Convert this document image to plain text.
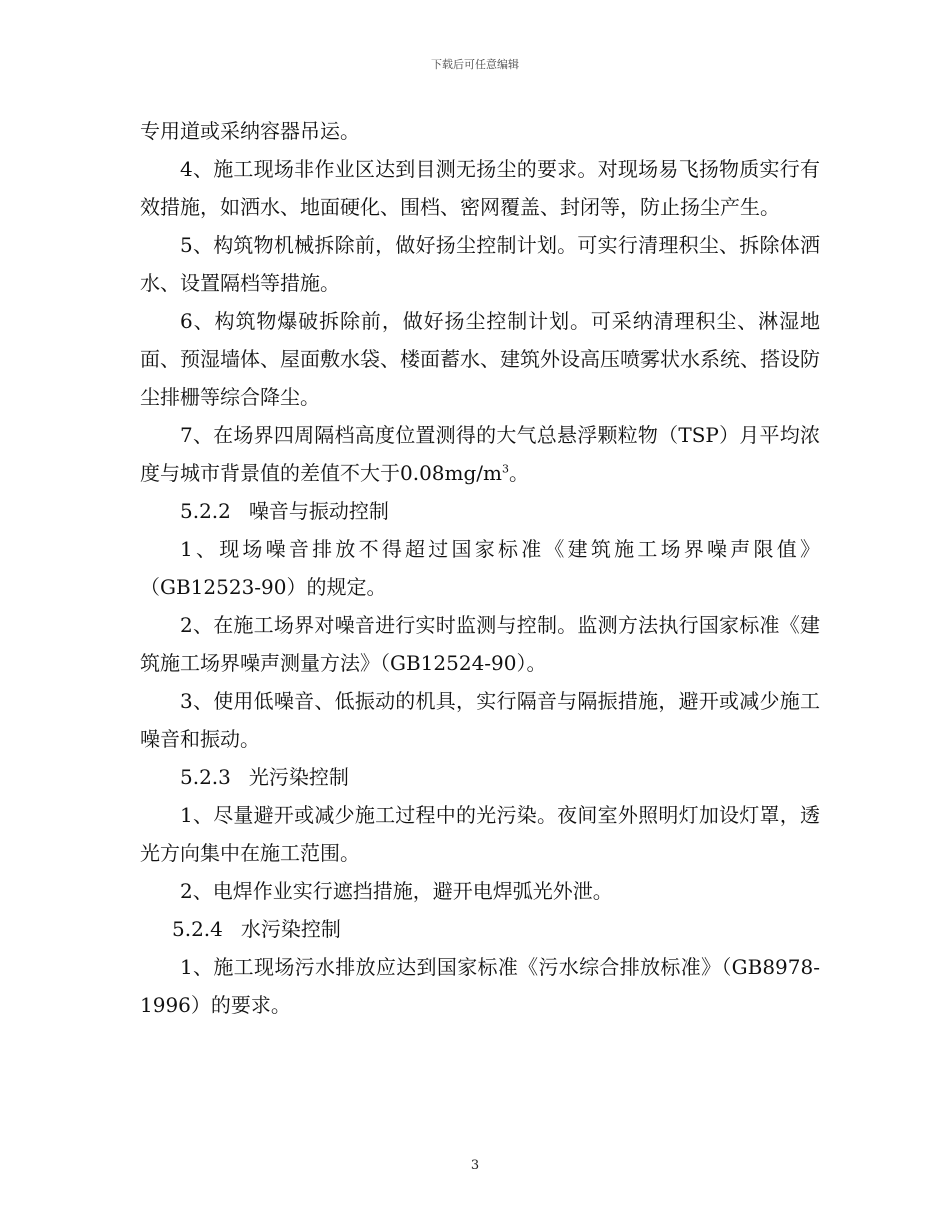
下载后可任意编辑

专用道或采纳容器吊运。

4、施工现场非作业区达到目测无扬尘的要求。对现场易飞扬物质实行有效措施，如洒水、地面硬化、围档、密网覆盖、封闭等，防止扬尘产生。

5、构筑物机械拆除前，做好扬尘控制计划。可实行清理积尘、拆除体洒水、设置隔档等措施。

6、构筑物爆破拆除前，做好扬尘控制计划。可采纳清理积尘、淋湿地面、预湿墙体、屋面敷水袋、楼面蓄水、建筑外设高压喷雾状水系统、搭设防尘排栅等综合降尘。

7、在场界四周隔档高度位置测得的大气总悬浮颗粒物（TSP）月平均浓度与城市背景值的差值不大于$0.08mg/m^3$。

5.2.2 噪音与振动控制

1、现场噪音排放不得超过国家标准《建筑施工场界噪声限值》（GB12523-90）的规定。

2、在施工场界对噪音进行实时监测与控制。监测方法执行国家标准《建筑施工场界噪声测量方法》（GB12524-90）。

3、使用低噪音、低振动的机具，实行隔音与隔振措施，避开或减少施工噪音和振动。

5.2.3 光污染控制

1、尽量避开或减少施工过程中的光污染。夜间室外照明灯加设灯罩，透光方向集中在施工范围。

2、电焊作业实行遮挡措施，避开电焊弧光外泄。

5.2.4 水污染控制

1、施工现场污水排放应达到国家标准《污水综合排放标准》（GB8978-1996）的要求。

3
